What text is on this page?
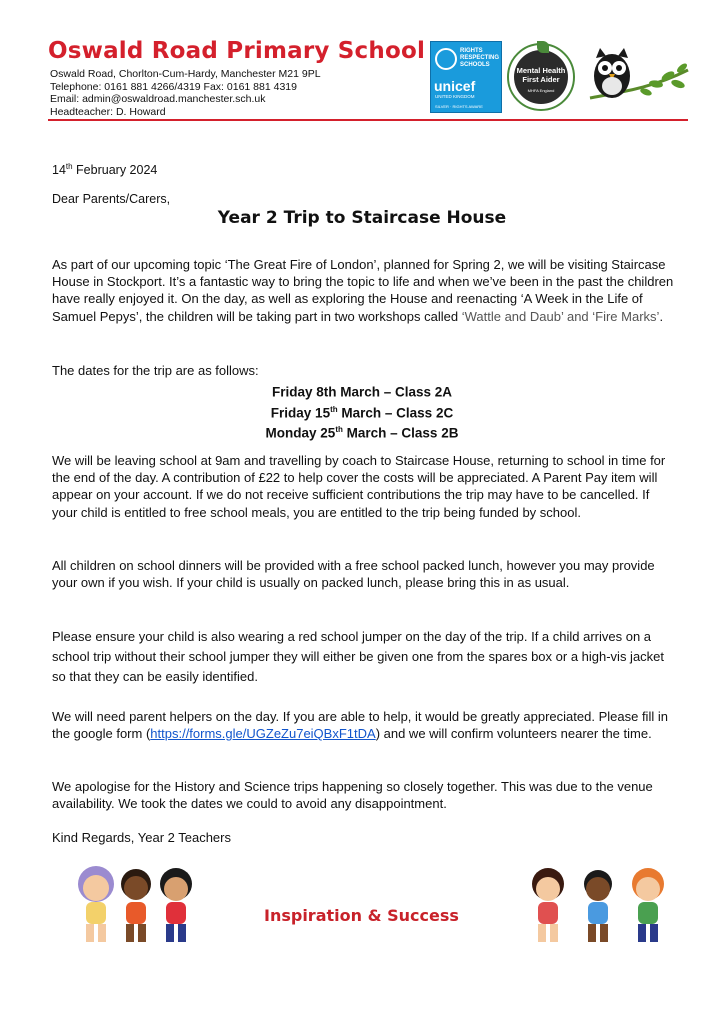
Oswald Road Primary School
Oswald Road, Chorlton-Cum-Hardy, Manchester M21 9PL
Telephone: 0161 881 4266/4319 Fax: 0161 881 4319
Email: admin@oswaldroad.manchester.sch.uk
Headteacher: D. Howard
RIGHTS RESPECTING SCHOOLS
unicef
UNITED KINGDOM
SILVER · RIGHTS AWARE
Mental Health First Aider
MHFA England
14th February 2024
Dear Parents/Carers,
Year 2 Trip to Staircase House

As part of our upcoming topic ‘The Great Fire of London’, planned for Spring 2, we will be visiting Staircase House in Stockport. It’s a fantastic way to bring the topic to life and when we’ve been in the past the children have really enjoyed it. On the day, as well as exploring the House and reenacting ‘A Week in the Life of Samuel Pepys’, the children will be taking part in two workshops called ‘Wattle and Daub’ and ‘Fire Marks’.

The dates for the trip are as follows:

Friday 8th March – Class 2A
Friday 15th March – Class 2C
Monday 25th March – Class 2B

We will be leaving school at 9am and travelling by coach to Staircase House, returning to school in time for the end of the day. A contribution of £22 to help cover the costs will be appreciated. A Parent Pay item will appear on your account. If we do not receive sufficient contributions the trip may have to be cancelled. If your child is entitled to free school meals, you are entitled to the trip being funded by school.

All children on school dinners will be provided with a free school packed lunch, however you may provide your own if you wish. If your child is usually on packed lunch, please bring this in as usual.

Please ensure your child is also wearing a red school jumper on the day of the trip. If a child arrives on a school trip without their school jumper they will either be given one from the spares box or a high-vis jacket so that they can be easily identified.

We will need parent helpers on the day. If you are able to help, it would be greatly appreciated. Please fill in the google form (https://forms.gle/UGZeZu7eiQBxF1tDA) and we will confirm volunteers nearer the time.

We apologise for the History and Science trips happening so closely together. This was due to the venue availability. We took the dates we could to avoid any disappointment.

Kind Regards, Year 2 Teachers
Inspiration & Success
